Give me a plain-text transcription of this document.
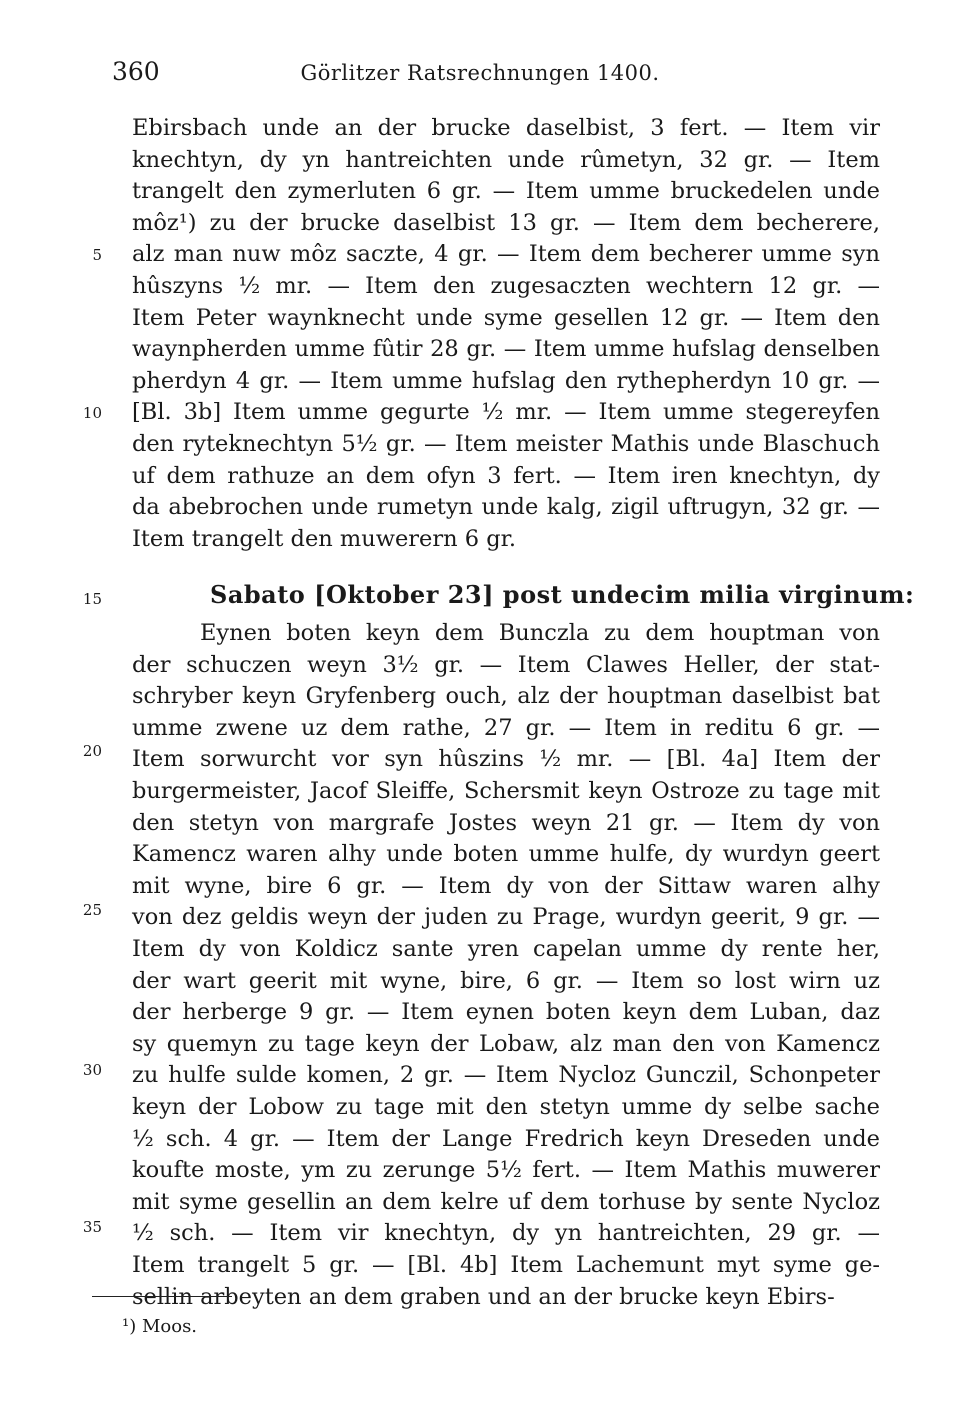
360	Görlitzer Ratsrechnungen 1400.
Ebirsbach unde an der brucke daselbist, 3 fert. — Item vir
knechtyn, dy yn hantreichten unde rûmetyn, 32 gr. — Item
trangelt den zymerluten 6 gr. — Item umme bruckedelen unde
môz¹) zu der brucke daselbist 13 gr. — Item dem becherere,
alz man nuw môz saczte, 4 gr. — Item dem becherer umme syn
hûszyns ½ mr. — Item den zugesaczten wechtern 12 gr. —
Item Peter waynknecht unde syme gesellen 12 gr. — Item den
waynpherden umme fûtir 28 gr. — Item umme hufslag denselben
pherdyn 4 gr. — Item umme hufslag den rythepherdyn 10 gr. —
[Bl. 3b] Item umme gegurte ½ mr. — Item umme stegereyfen
den ryteknechtyn 5½ gr. — Item meister Mathis unde Blaschuch
uf dem rathuze an dem ofyn 3 fert. — Item iren knechtyn, dy
da abebrochen unde rumetyn unde kalg, zigil uftrugyn, 32 gr. —
Item trangelt den muwerern 6 gr.
Sabato [Oktober 23] post undecim milia virginum:
Eynen boten keyn dem Bunczla zu dem houptman von
der schuczen weyn 3½ gr. — Item Clawes Heller, der stat-
schryber keyn Gryfenberg ouch, alz der houptman daselbist bat
umme zwene uz dem rathe, 27 gr. — Item in reditu 6 gr. —
Item sorwurcht vor syn hûszins ½ mr. — [Bl. 4a] Item der
burgermeister, Jacof Sleiffe, Schersmit keyn Ostroze zu tage mit
den stetyn von margrafe Jostes weyn 21 gr. — Item dy von
Kamencz waren alhy unde boten umme hulfe, dy wurdyn geert
mit wyne, bire 6 gr. — Item dy von der Sittaw waren alhy
von dez geldis weyn der juden zu Prage, wurdyn geerit, 9 gr. —
Item dy von Koldicz sante yren capelan umme dy rente her,
der wart geerit mit wyne, bire, 6 gr. — Item so lost wirn uz
der herberge 9 gr. — Item eynen boten keyn dem Luban, daz
sy quemyn zu tage keyn der Lobaw, alz man den von Kamencz
zu hulfe sulde komen, 2 gr. — Item Nycloz Gunczil, Schonpeter
keyn der Lobow zu tage mit den stetyn umme dy selbe sache
½ sch. 4 gr. — Item der Lange Fredrich keyn Dreseden unde
koufte moste, ym zu zerunge 5½ fert. — Item Mathis muwerer
mit syme gesellin an dem kelre uf dem torhuse by sente Nycloz
½ sch. — Item vir knechtyn, dy yn hantreichten, 29 gr. —
Item trangelt 5 gr. — [Bl. 4b] Item Lachemunt myt syme ge-
sellin arbeyten an dem graben und an der brucke keyn Ebirs-
5
10
15
20
25
30
35
¹) Moos.
